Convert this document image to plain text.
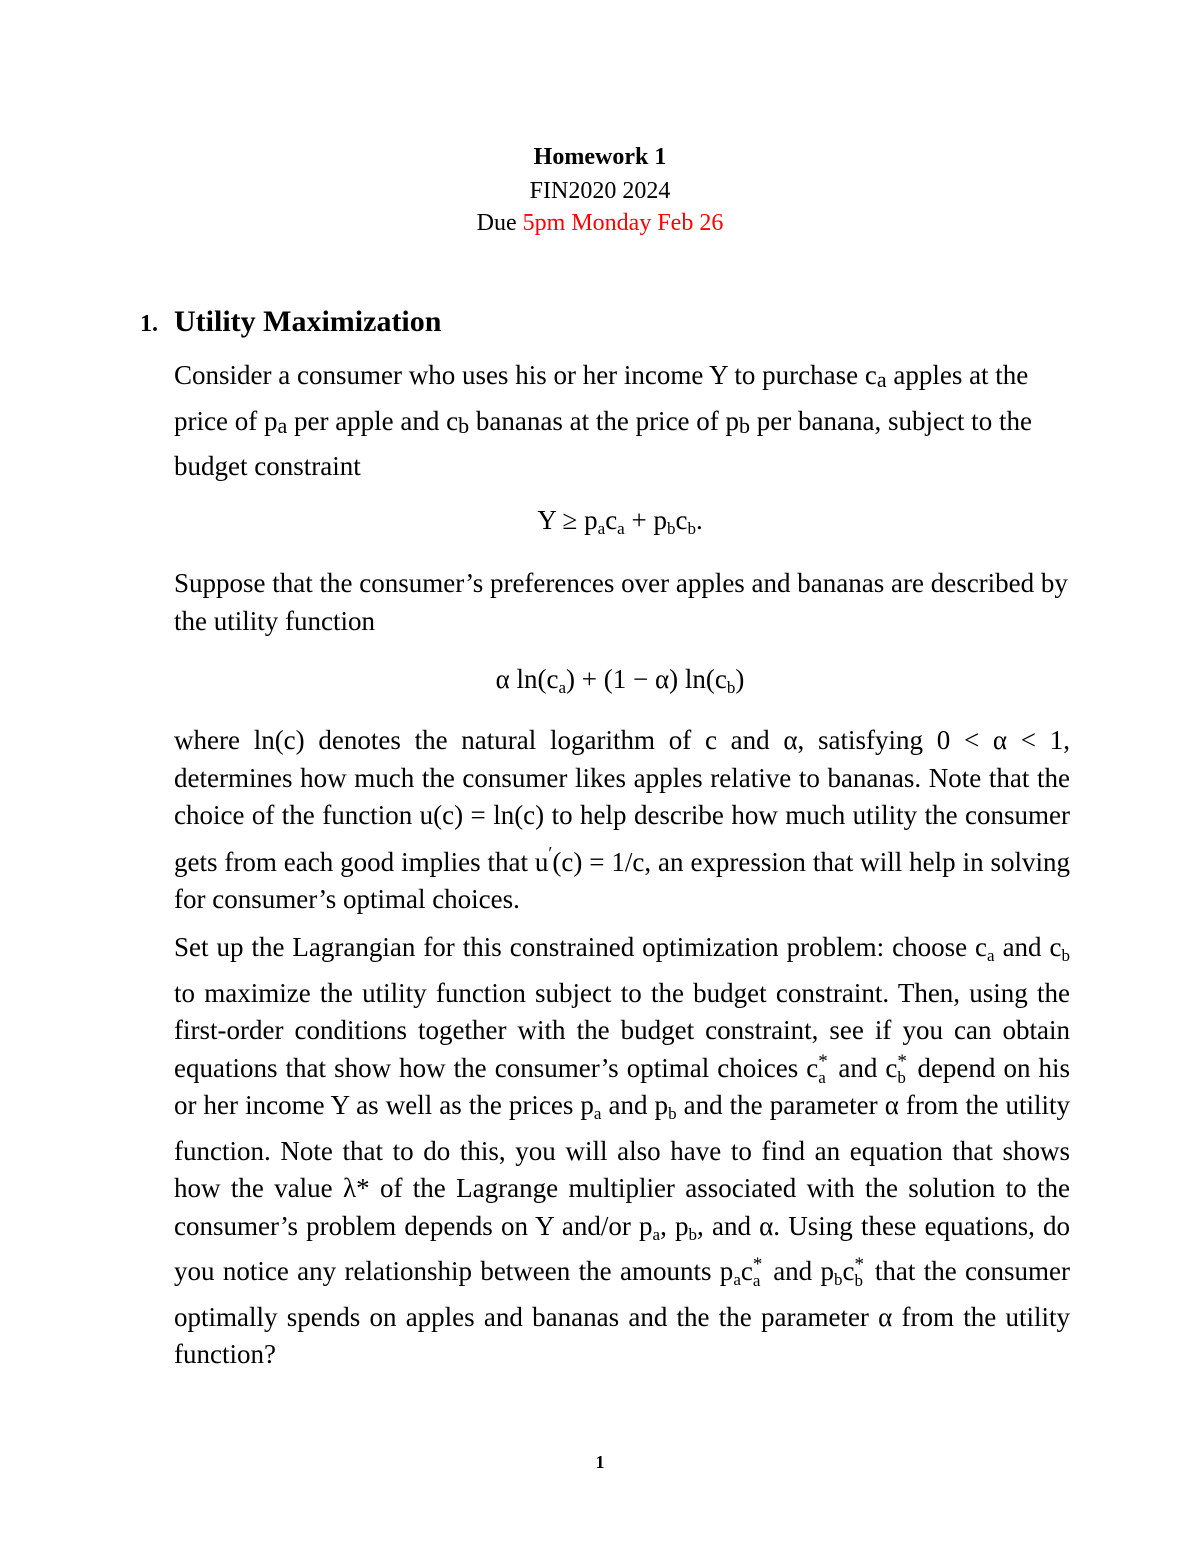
Homework 1
FIN2020 2024
Due 5pm Monday Feb 26
1. Utility Maximization
Consider a consumer who uses his or her income Y to purchase ca apples at the price of pa per apple and cb bananas at the price of pb per banana, subject to the budget constraint
$Y \ge p_ac_a + p_bc_b$.
Suppose that the consumer’s preferences over apples and bananas are described by the utility function
α $\ln(c_a) + (1 - \alpha)$ $\ln(c_b)$
where ln(c) denotes the natural logarithm of c and α, satisfying 0 < α < 1, determines how much the consumer likes apples relative to bananas. Note that the choice of the function u(c) = ln(c) to help describe how much utility the consumer gets from each good implies that u′(c) = 1/c, an expression that will help in solving for consumer’s optimal choices.
Set up the Lagrangian for this constrained optimization problem: choose $c_a$ and $c_b$ to maximize the utility function subject to the budget constraint. Then, using the first-order conditions together with the budget constraint, see if you can obtain equations that show how the consumer’s optimal choices c *
a and c *
b depend on his or her income Y as well as the prices $p_a$ and $p_b$ and the parameter α from the utility function. Note that to do this, you will also have to find an equation that shows how the value λ* of the Lagrange multiplier associated with the solution to the consumer’s problem depends on Y and/or $p_a$, $p_b$, and α. Using these equations, do you notice any relationship between the amounts $p_ac$ *
a and $p_bc$ *
b that the consumer optimally spends on apples and bananas and the the parameter α from the utility function?
1
